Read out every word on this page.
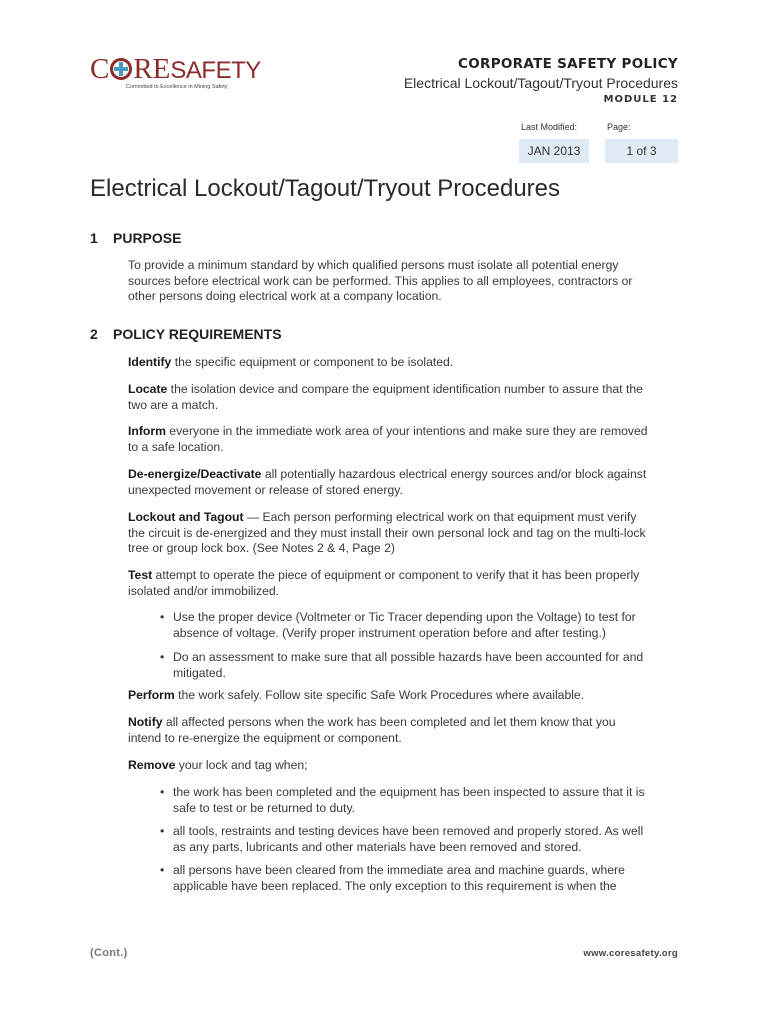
C RESAFETY
Committed to Excellence in Mining Safety
CORPORATE SAFETY POLICY
Electrical Lockout/Tagout/Tryout Procedures
MODULE 12
Last Modified:	Page:
JAN 2013	1 of 3
Electrical Lockout/Tagout/Tryout Procedures
1 PURPOSE
To provide a minimum standard by which qualified persons must isolate all potential energy sources before electrical work can be performed. This applies to all employees, contractors or other persons doing electrical work at a company location.
2 POLICY REQUIREMENTS
Identify the specific equipment or component to be isolated.
Locate the isolation device and compare the equipment identification number to assure that the two are a match.
Inform everyone in the immediate work area of your intentions and make sure they are removed to a safe location.
De-energize/Deactivate all potentially hazardous electrical energy sources and/or block against unexpected movement or release of stored energy.
Lockout and Tagout — Each person performing electrical work on that equipment must verify the circuit is de-energized and they must install their own personal lock and tag on the multi-lock tree or group lock box. (See Notes 2 & 4, Page 2)
Test attempt to operate the piece of equipment or component to verify that it has been properly isolated and/or immobilized.
• Use the proper device (Voltmeter or Tic Tracer depending upon the Voltage) to test for absence of voltage. (Verify proper instrument operation before and after testing.)
• Do an assessment to make sure that all possible hazards have been accounted for and mitigated.
Perform the work safely. Follow site specific Safe Work Procedures where available.
Notify all affected persons when the work has been completed and let them know that you intend to re-energize the equipment or component.
Remove your lock and tag when;
• the work has been completed and the equipment has been inspected to assure that it is safe to test or be returned to duty.
• all tools, restraints and testing devices have been removed and properly stored. As well as any parts, lubricants and other materials have been removed and stored.
• all persons have been cleared from the immediate area and machine guards, where applicable have been replaced. The only exception to this requirement is when the
(Cont.)	www.coresafety.org
